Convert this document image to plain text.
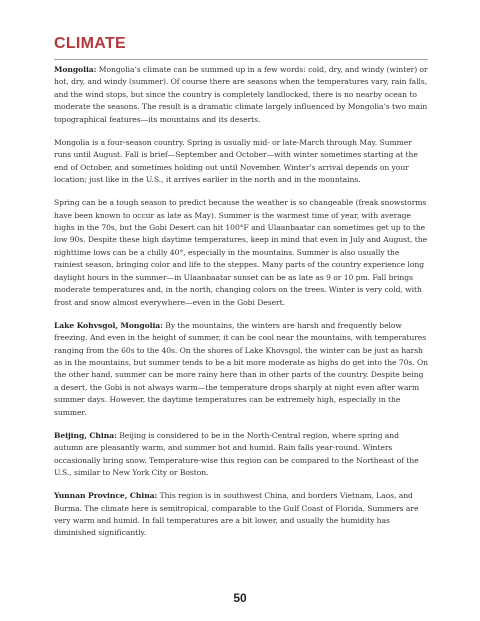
CLIMATE

Mongolia: Mongolia’s climate can be summed up in a few words: cold, dry, and windy (winter) or hot, dry, and windy (summer). Of course there are seasons when the temperatures vary, rain falls, and the wind stops, but since the country is completely landlocked, there is no nearby ocean to moderate the seasons. The result is a dramatic climate largely influenced by Mongolia’s two main topographical features—its mountains and its deserts.

Mongolia is a four-season country. Spring is usually mid- or late-March through May. Summer runs until August. Fall is brief—September and October—with winter sometimes starting at the end of October, and sometimes holding out until November. Winter’s arrival depends on your location; just like in the U.S., it arrives earlier in the north and in the mountains.

Spring can be a tough season to predict because the weather is so changeable (freak snowstorms have been known to occur as late as May). Summer is the warmest time of year, with average highs in the 70s, but the Gobi Desert can hit 100°F and Ulaanbaatar can sometimes get up to the low 90s. Despite these high daytime temperatures, keep in mind that even in July and August, the nighttime lows can be a chilly 40°, especially in the mountains. Summer is also usually the rainiest season, bringing color and life to the steppes. Many parts of the country experience long daylight hours in the summer—in Ulaanbaatar sunset can be as late as 9 or 10 pm. Fall brings moderate temperatures and, in the north, changing colors on the trees. Winter is very cold, with frost and snow almost everywhere—even in the Gobi Desert.

Lake Kohvsgol, Mongolia: By the mountains, the winters are harsh and frequently below freezing. And even in the height of summer, it can be cool near the mountains, with temperatures ranging from the 60s to the 40s. On the shores of Lake Khovsgol, the winter can be just as harsh as in the mountains, but summer tends to be a bit more moderate as highs do get into the 70s. On the other hand, summer can be more rainy here than in other parts of the country. Despite being a desert, the Gobi is not always warm—the temperature drops sharply at night even after warm summer days. However, the daytime temperatures can be extremely high, especially in the summer.

Beijing, China: Beijing is considered to be in the North-Central region, where spring and autumn are pleasantly warm, and summer hot and humid. Rain falls year-round. Winters occasionally bring snow. Temperature-wise this region can be compared to the Northeast of the U.S., similar to New York City or Boston.

Yunnan Province, China: This region is in southwest China, and borders Vietnam, Laos, and Burma. The climate here is semitropical, comparable to the Gulf Coast of Florida. Summers are very warm and humid. In fall temperatures are a bit lower, and usually the humidity has diminished significantly.

50
